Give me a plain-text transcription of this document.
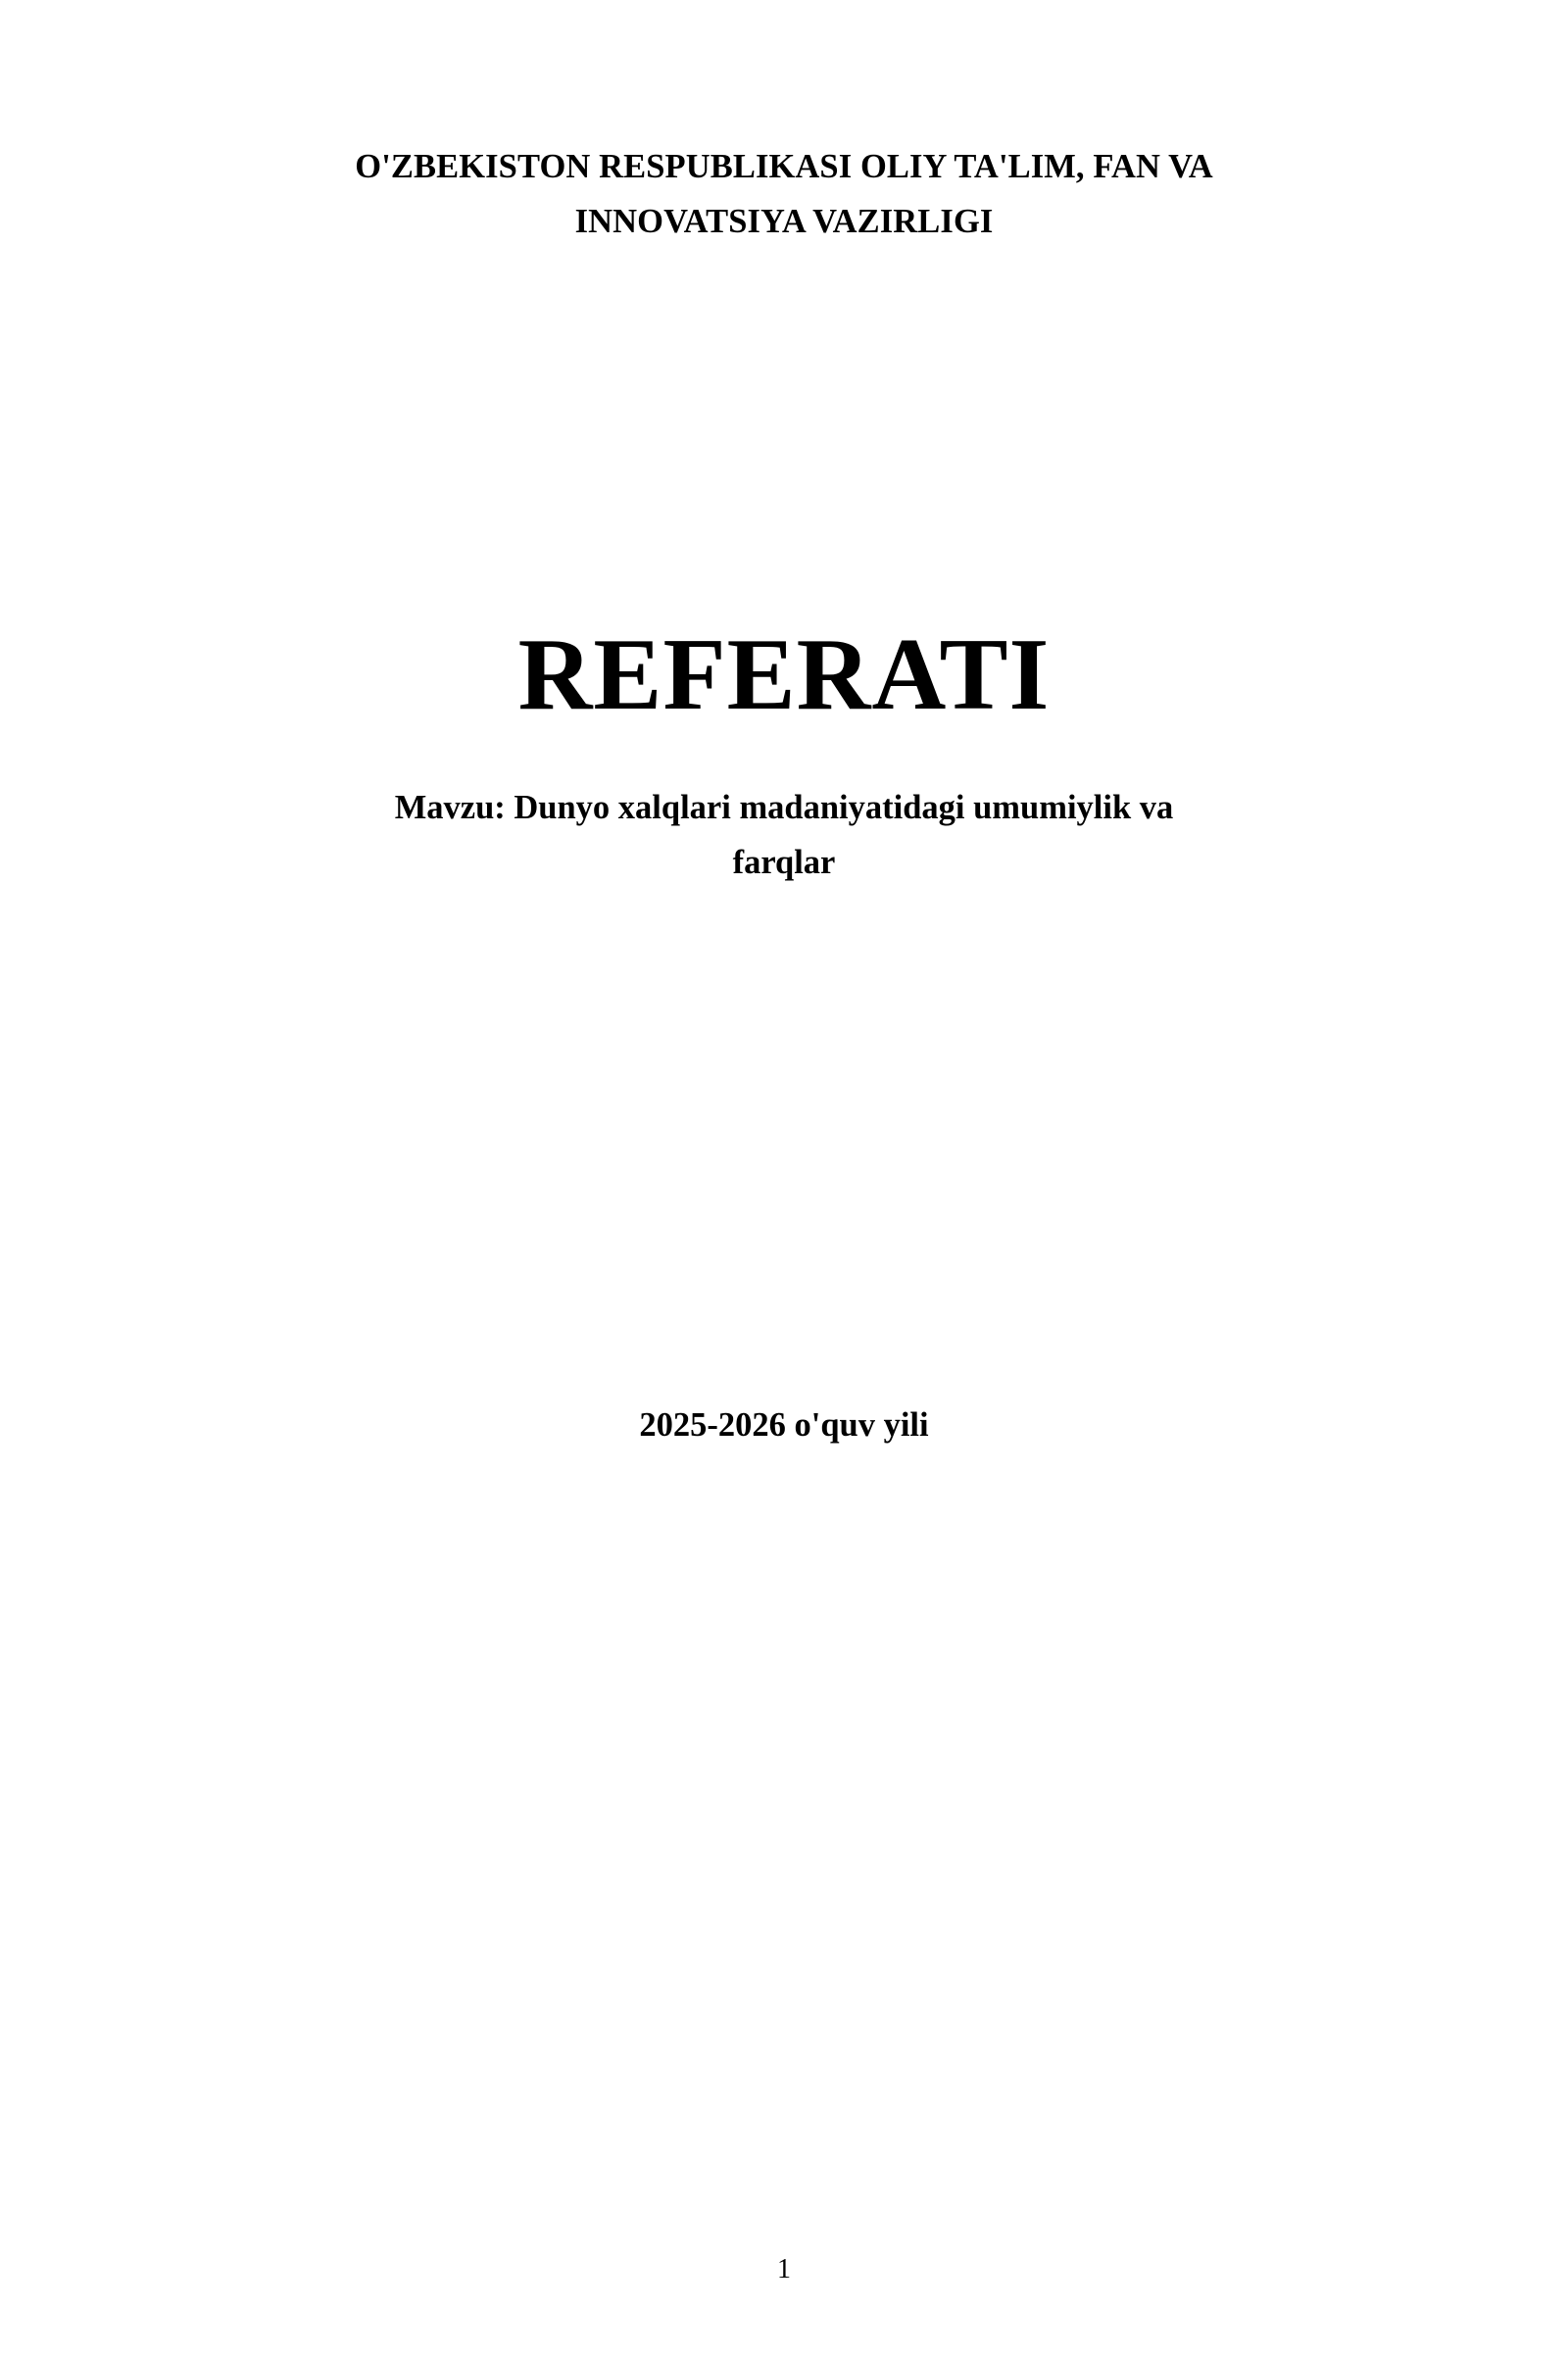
O'ZBEKISTON RESPUBLIKASI OLIY TA'LIM, FAN VA
INNOVATSIYA VAZIRLIGI
REFERATI
Mavzu: Dunyo xalqlari madaniyatidagi umumiylik va
farqlar
2025-2026 o'quv yili
1
